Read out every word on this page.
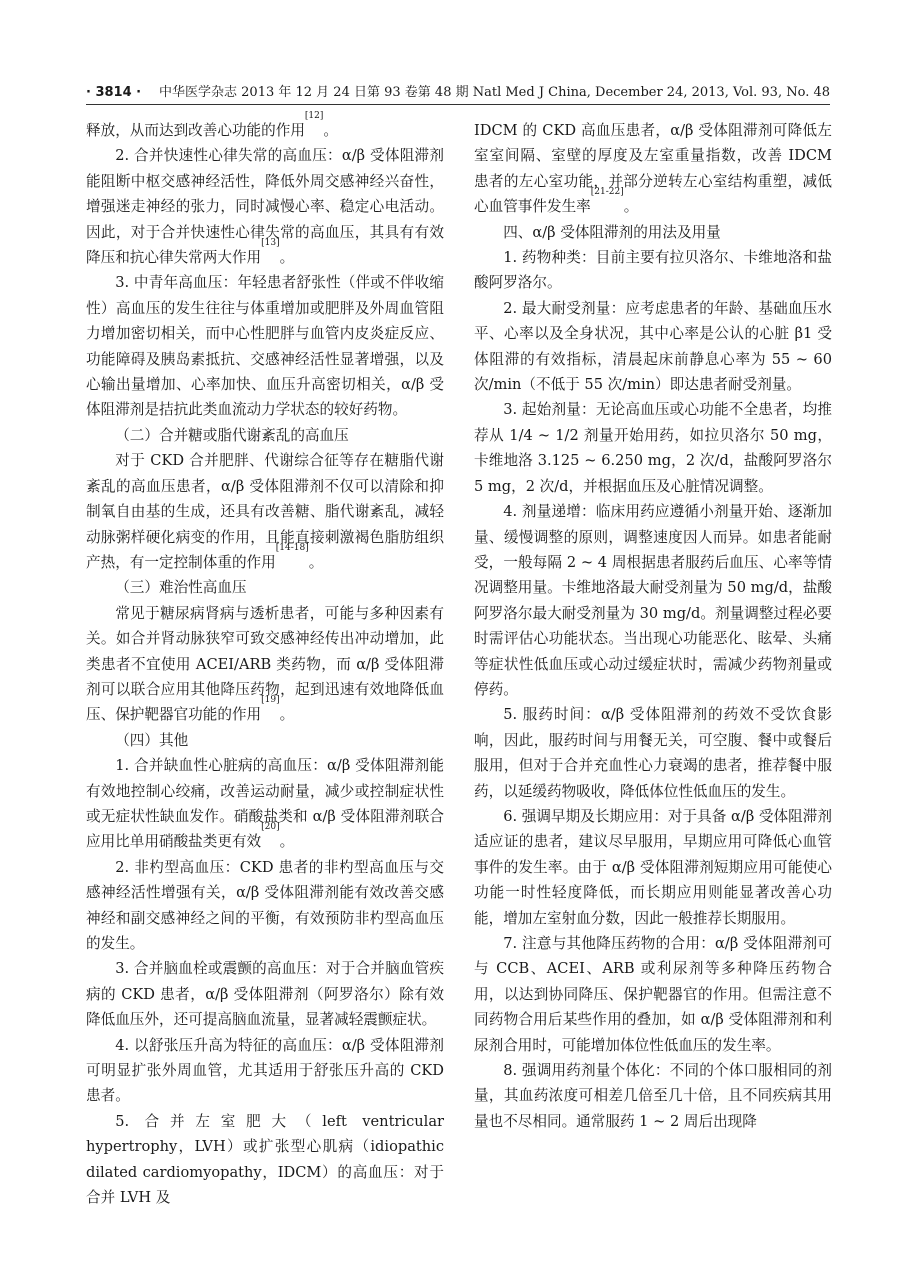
· 3814 · 中华医学杂志 2013 年 12 月 24 日第 93 卷第 48 期 Natl Med J China, December 24, 2013, Vol. 93, No. 48

释放，从而达到改善心功能的作用[12]。

2. 合并快速性心律失常的高血压：α/β 受体阻滞剂能阻断中枢交感神经活性，降低外周交感神经兴奋性，增强迷走神经的张力，同时减慢心率、稳定心电活动。因此，对于合并快速性心律失常的高血压，其具有有效降压和抗心律失常两大作用[13]。

3. 中青年高血压：年轻患者舒张性（伴或不伴收缩性）高血压的发生往往与体重增加或肥胖及外周血管阻力增加密切相关，而中心性肥胖与血管内皮炎症反应、功能障碍及胰岛素抵抗、交感神经活性显著增强，以及心输出量增加、心率加快、血压升高密切相关，α/β 受体阻滞剂是拮抗此类血流动力学状态的较好药物。

（二）合并糖或脂代谢紊乱的高血压

对于 CKD 合并肥胖、代谢综合征等存在糖脂代谢紊乱的高血压患者，α/β 受体阻滞剂不仅可以清除和抑制氧自由基的生成，还具有改善糖、脂代谢紊乱，减轻动脉粥样硬化病变的作用，且能直接刺激褐色脂肪组织产热，有一定控制体重的作用[14-18]。

（三）难治性高血压

常见于糖尿病肾病与透析患者，可能与多种因素有关。如合并肾动脉狭窄可致交感神经传出冲动增加，此类患者不宜使用 ACEI/ARB 类药物，而 α/β 受体阻滞剂可以联合应用其他降压药物，起到迅速有效地降低血压、保护靶器官功能的作用[19]。

（四）其他

1. 合并缺血性心脏病的高血压：α/β 受体阻滞剂能有效地控制心绞痛，改善运动耐量，减少或控制症状性或无症状性缺血发作。硝酸盐类和 α/β 受体阻滞剂联合应用比单用硝酸盐类更有效[20]。

2. 非杓型高血压：CKD 患者的非杓型高血压与交感神经活性增强有关，α/β 受体阻滞剂能有效改善交感神经和副交感神经之间的平衡，有效预防非杓型高血压的发生。

3. 合并脑血栓或震颤的高血压：对于合并脑血管疾病的 CKD 患者，α/β 受体阻滞剂（阿罗洛尔）除有效降低血压外，还可提高脑血流量，显著减轻震颤症状。

4. 以舒张压升高为特征的高血压：α/β 受体阻滞剂可明显扩张外周血管，尤其适用于舒张压升高的 CKD 患者。

5. 合并左室肥大（left ventricular hypertrophy，LVH）或扩张型心肌病（idiopathic dilated cardiomyopathy，IDCM）的高血压：对于合并 LVH 及

IDCM 的 CKD 高血压患者，α/β 受体阻滞剂可降低左室室间隔、室壁的厚度及左室重量指数，改善 IDCM 患者的左心室功能，并部分逆转左心室结构重塑，减低心血管事件发生率[21-22]。

四、α/β 受体阻滞剂的用法及用量

1. 药物种类：目前主要有拉贝洛尔、卡维地洛和盐酸阿罗洛尔。

2. 最大耐受剂量：应考虑患者的年龄、基础血压水平、心率以及全身状况，其中心率是公认的心脏 β1 受体阻滞的有效指标，清晨起床前静息心率为 55 ~ 60 次/min（不低于 55 次/min）即达患者耐受剂量。

3. 起始剂量：无论高血压或心功能不全患者，均推荐从 1/4 ~ 1/2 剂量开始用药，如拉贝洛尔 50 mg，卡维地洛 3.125 ~ 6.250 mg，2 次/d，盐酸阿罗洛尔 5 mg，2 次/d，并根据血压及心脏情况调整。

4. 剂量递增：临床用药应遵循小剂量开始、逐渐加量、缓慢调整的原则，调整速度因人而异。如患者能耐受，一般每隔 2 ~ 4 周根据患者服药后血压、心率等情况调整用量。卡维地洛最大耐受剂量为 50 mg/d，盐酸阿罗洛尔最大耐受剂量为 30 mg/d。剂量调整过程必要时需评估心功能状态。当出现心功能恶化、眩晕、头痛等症状性低血压或心动过缓症状时，需减少药物剂量或停药。

5. 服药时间：α/β 受体阻滞剂的药效不受饮食影响，因此，服药时间与用餐无关，可空腹、餐中或餐后服用，但对于合并充血性心力衰竭的患者，推荐餐中服药，以延缓药物吸收，降低体位性低血压的发生。

6. 强调早期及长期应用：对于具备 α/β 受体阻滞剂适应证的患者，建议尽早服用，早期应用可降低心血管事件的发生率。由于 α/β 受体阻滞剂短期应用可能使心功能一时性轻度降低，而长期应用则能显著改善心功能，增加左室射血分数，因此一般推荐长期服用。

7. 注意与其他降压药物的合用：α/β 受体阻滞剂可与 CCB、ACEI、ARB 或利尿剂等多种降压药物合用，以达到协同降压、保护靶器官的作用。但需注意不同药物合用后某些作用的叠加，如 α/β 受体阻滞剂和利尿剂合用时，可能增加体位性低血压的发生率。

8. 强调用药剂量个体化：不同的个体口服相同的剂量，其血药浓度可相差几倍至几十倍，且不同疾病其用量也不尽相同。通常服药 1 ~ 2 周后出现降
